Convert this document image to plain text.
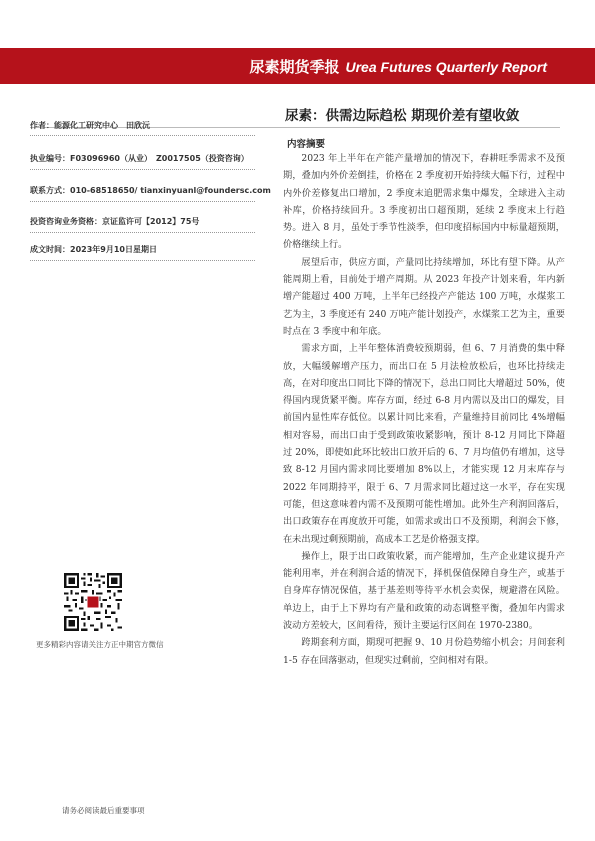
尿素期货季报 Urea Futures Quarterly Report
尿素：供需边际趋松 期现价差有望收敛
作者：能源化工研究中心　田欣沅
执业编号：F03096960（从业）　Z0017505（投资咨询）
联系方式：010-68518650/ tianxinyuanl@foundersc.com
投资咨询业务资格：京证监许可【2012】75号
成文时间：2023年9月10日星期日
更多精彩内容请关注方正中期官方微信
请务必阅读最后重要事项
内容摘要

2023 年上半年在产能产量增加的情况下，春耕旺季需求不及预期，叠加内外价差倒挂，价格在 2 季度初开始持续大幅下行，过程中内外价差修复出口增加，2 季度末追肥需求集中爆发，全球进入主动补库，价格持续回升。3 季度初出口超预期，延续 2 季度末上行趋势。进入 8 月，虽处于季节性淡季，但印度招标国内中标量超预期，价格继续上行。

展望后市，供应方面，产量同比持续增加，环比有望下降。从产能周期上看，目前处于增产周期。从 2023 年投产计划来看，年内新增产能超过 400 万吨，上半年已经投产产能达 100 万吨，水煤浆工艺为主，3 季度还有 240 万吨产能计划投产，水煤浆工艺为主，重要时点在 3 季度中和年底。

需求方面，上半年整体消费较预期弱，但 6、7 月消费的集中释放，大幅缓解增产压力，而出口在 5 月法检放松后，也环比持续走高，在对印度出口同比下降的情况下，总出口同比大增超过 50%，使得国内现货紧平衡。库存方面，经过 6-8 月内需以及出口的爆发，目前国内显性库存低位。以累计同比来看，产量维持目前同比 4%增幅相对容易，而出口由于受到政策收紧影响，预计 8-12 月同比下降超过 20%，即使如此环比较出口放开后的 6、7 月均值仍有增加，这导致 8-12 月国内需求同比要增加 8%以上，才能实现 12 月末库存与 2022 年同期持平，限于 6、7 月需求同比超过这一水平，存在实现可能，但这意味着内需不及预期可能性增加。此外生产利润回落后，出口政策存在再度放开可能，如需求或出口不及预期，利润会下修，在未出现过剩预期前，高成本工艺是价格强支撑。

操作上，限于出口政策收紧，而产能增加，生产企业建议提升产能利用率，并在利润合适的情况下，择机保值保障自身生产，或基于自身库存情况保值，基于基差则等待平水机会卖保，规避潜在风险。单边上，由于上下界均有产量和政策的动态调整平衡，叠加年内需求波动方差较大，区间看待，预计主要运行区间在 1970-2380。

跨期套利方面，期现可把握 9、10 月份趋势缩小机会；月间套利 1-5 存在回落驱动，但现实过剩前，空间相对有限。
